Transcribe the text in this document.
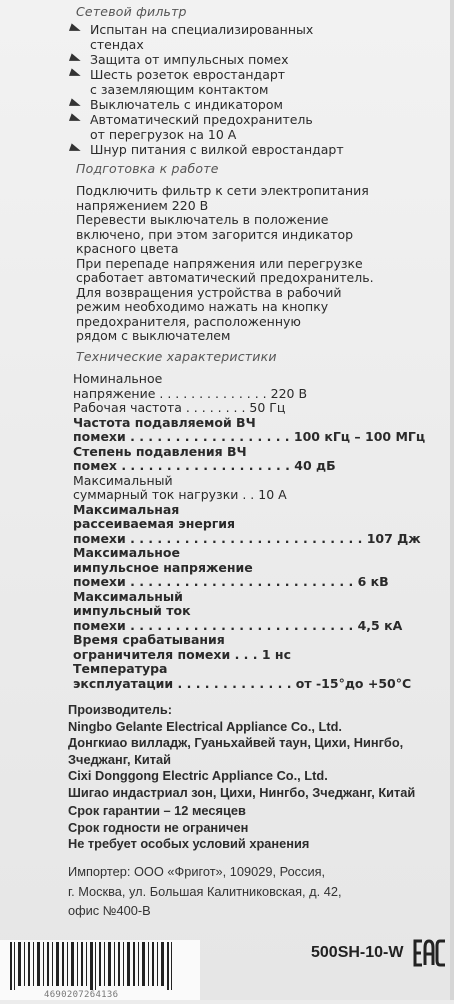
Сетевой фильтр
Испытан на специализированных
стендах
Защита от импульсных помех
Шесть розеток евростандарт
с заземляющим контактом
Выключатель с индикатором
Автоматический предохранитель
от перегрузок на 10 А
Шнур питания с вилкой евростандарт
Подготовка к работе

Подключить фильтр к сети электропитания

напряжением 220 В

Перевести выключатель в положение

включено, при этом загорится индикатор

красного цвета

При перепаде напряжения или перегрузке

сработает автоматический предохранитель.

Для возвращения устройства в рабочий

режим необходимо нажать на кнопку

предохранителя, расположенную

рядом с выключателем

Технические характеристики
Номинальное
напряжение . . . . . . . . . . . . . . 220 В
Рабочая частота . . . . . . . . 50 Гц
Частота подавляемой ВЧ
помехи . . . . . . . . . . . . . . . . . . 100 кГц – 100 МГц
Степень подавления ВЧ
помех . . . . . . . . . . . . . . . . . . . 40 дБ
Максимальный
суммарный ток нагрузки . . 10 А
Максимальная
рассеиваемая энергия
помехи . . . . . . . . . . . . . . . . . . . . . . . . . . 107 Дж
Максимальное
импульсное напряжение
помехи . . . . . . . . . . . . . . . . . . . . . . . . . 6 кВ
Максимальный
импульсный ток
помехи . . . . . . . . . . . . . . . . . . . . . . . . . 4,5 кА
Время срабатывания
ограничителя помехи . . . 1 нс
Температура
эксплуатации . . . . . . . . . . . . . от -15°до +50°С
Производитель:
Ningbo Gelante Electrical Appliance Co., Ltd.
Донгкиао вилладж, Гуаньхайвей таун, Цихи, Нингбо,
Зчеджанг, Китай
Cixi Donggong Electric Appliance Co., Ltd.
Шигао индастриал зон, Цихи, Нингбо, Зчеджанг, Китай
Срок гарантии – 12 месяцев
Срок годности не ограничен
Не требует особых условий хранения
Импортер: ООО «Фригот», 109029, Россия,
г. Москва, ул. Большая Калитниковская, д. 42,
офис №400-В
4690207264136
500SH-10-W
